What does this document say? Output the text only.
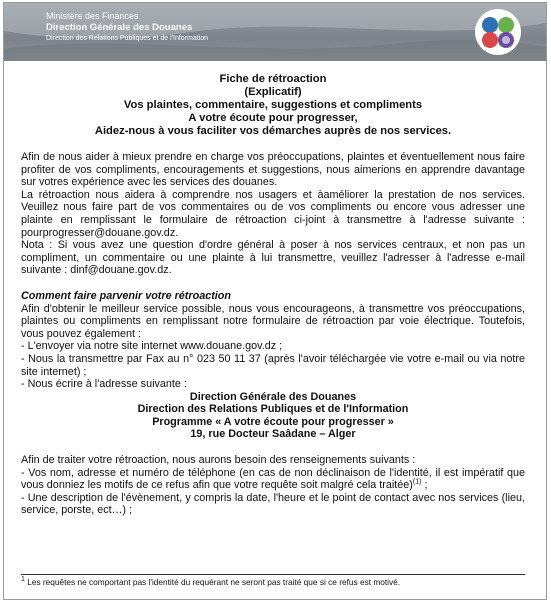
Ministère des Finances
Direction Générale des Douanes
Direction des Relations Publiques et de l'Information
Fiche de rétroaction
(Explicatif)
Vos plaintes, commentaire, suggestions et compliments
A votre écoute pour progresser,
Aidez-nous à vous faciliter vos démarches auprès de nos services.
Afin de nous aider à mieux prendre en charge vos préoccupations, plaintes et éventuellement nous faire profiter de vos compliments, encouragements et suggestions, nous aimerions en apprendre davantage sur votres expérience avec les services des douanes.
La rétroaction nous aidera à comprendre nos usagers et àaméliorer la prestation de nos services. Veuillez nous faire part de vos commentaires ou de vos compliments ou encore vous adresser une plainte en remplissant le formulaire de rétroaction ci-joint à transmettre à l'adresse suivante : pourprogresser@douane.gov.dz.
Nota : Si vous avez une question d'ordre général à poser à nos services centraux, et non pas un compliment, un commentaire ou une plainte à lui transmettre, veuillez l'adresser à l'adresse e-mail suivante : dinf@douane.gov.dz.
Comment faire parvenir votre rétroaction
Afin d'obtenir le meilleur service possible, nous vous encourageons, à transmettre vos préoccupations, plaintes ou compliments en remplissant notre formulaire de rétroaction par voie électrique. Toutefois, vous pouvez également :
- L'envoyer via notre site internet www.douane.gov.dz ;
- Nous la transmettre par Fax au n° 023 50 11 37 (après l'avoir téléchargée vie votre e-mail ou via notre site internet) ;
- Nous écrire à l'adresse suivante :
Direction Générale des Douanes
Direction des Relations Publiques et de l'Information
Programme « A votre écoute pour progresser »
19, rue Docteur Saâdane – Alger
Afin de traiter votre rétroaction, nous aurons besoin des renseignements suivants :
- Vos nom, adresse et numéro de téléphone (en cas de non déclinaison de l'identité, il est impératif que vous donniez les motifs de ce refus afin que votre requête soit malgré cela traitée)$^{(1)}$ ;
- Une description de l'évènement, y compris la date, l'heure et le point de contact avec nos services (lieu, service, porste, ect…) ;
$^1$ Les requêtes ne comportant pas l'identité du requérant ne seront pas traité que si ce refus est motivé.
